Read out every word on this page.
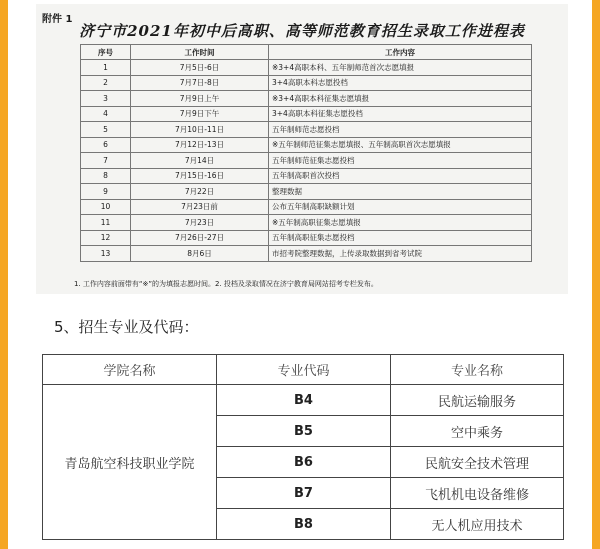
附件 1
济宁市2021年初中后高职、高等师范教育招生录取工作进程表
序号	工作时间	工作内容
1	7月5日-6日	※3+4高职本科、五年制师范首次志愿填报
2	7月7日-8日	3+4高职本科志愿投档
3	7月9日上午	※3+4高职本科征集志愿填报
4	7月9日下午	3+4高职本科征集志愿投档
5	7月10日-11日	五年制师范志愿投档
6	7月12日-13日	※五年制师范征集志愿填报、五年制高职首次志愿填报
7	7月14日	五年制师范征集志愿投档
8	7月15日-16日	五年制高职首次投档
9	7月22日	整理数据
10	7月23日前	公布五年制高职缺额计划
11	7月23日	※五年制高职征集志愿填报
12	7月26日-27日	五年制高职征集志愿投档
13	8月6日	市招考院整理数据，上传录取数据到省考试院
1. 工作内容前面带有“※”的为填报志愿时间。2. 投档及录取情况在济宁教育局网站招考专栏发布。
5、招生专业及代码：
学院名称	专业代码	专业名称
青岛航空科技职业学院	B4	民航运输服务
	B5	空中乘务
	B6	民航安全技术管理
	B7	飞机机电设备维修
	B8	无人机应用技术
